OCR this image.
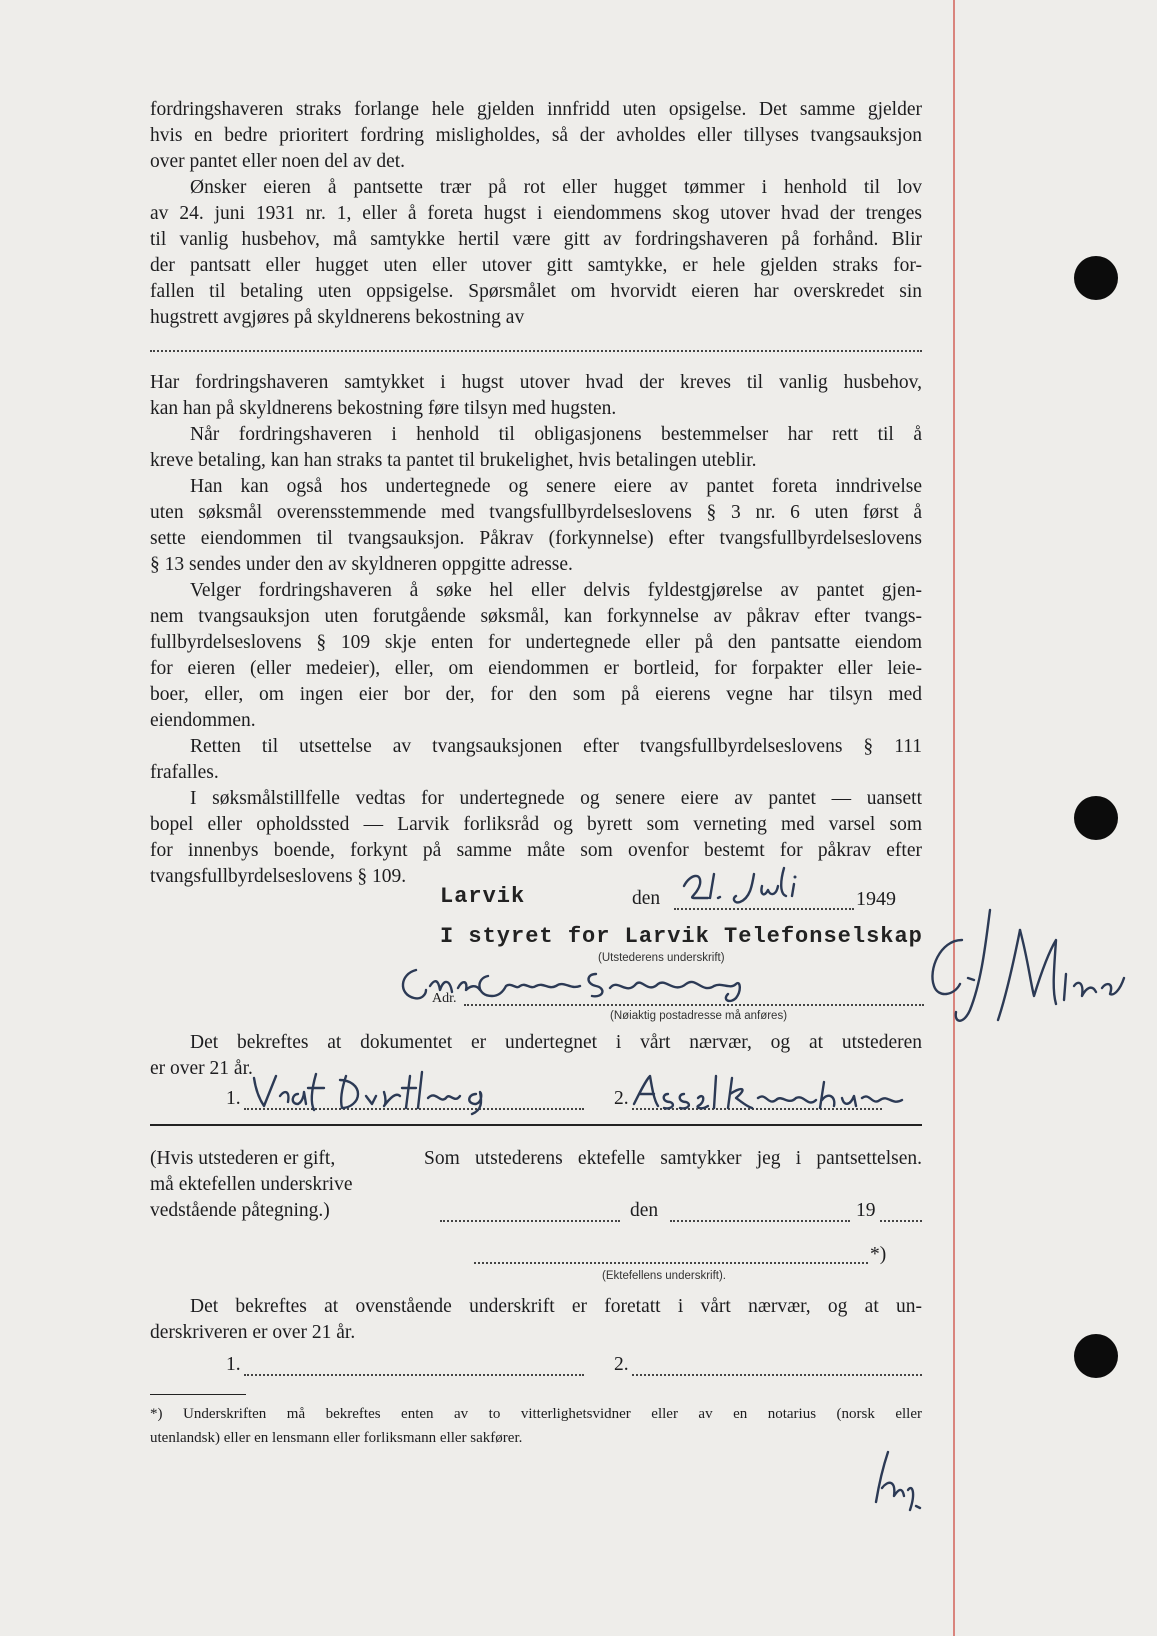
fordringshaveren straks forlange hele gjelden innfridd uten opsigelse. Det samme gjelder
hvis en bedre prioritert fordring misligholdes, så der avholdes eller tillyses tvangsauksjon
over pantet eller noen del av det.
Ønsker eieren å pantsette trær på rot eller hugget tømmer i henhold til lov
av 24. juni 1931 nr. 1, eller å foreta hugst i eiendommens skog utover hvad der trenges
til vanlig husbehov, må samtykke hertil være gitt av fordringshaveren på forhånd. Blir
der pantsatt eller hugget uten eller utover gitt samtykke, er hele gjelden straks for-
fallen til betaling uten oppsigelse. Spørsmålet om hvorvidt eieren har overskredet sin
hugstrett avgjøres på skyldnerens bekostning av
Har fordringshaveren samtykket i hugst utover hvad der kreves til vanlig husbehov,
kan han på skyldnerens bekostning føre tilsyn med hugsten.
Når fordringshaveren i henhold til obligasjonens bestemmelser har rett til å
kreve betaling, kan han straks ta pantet til brukelighet, hvis betalingen uteblir.
Han kan også hos undertegnede og senere eiere av pantet foreta inndrivelse
uten søksmål overensstemmende med tvangsfullbyrdelseslovens § 3 nr. 6 uten først å
sette eiendommen til tvangsauksjon. Påkrav (forkynnelse) efter tvangsfullbyrdelseslovens
§ 13 sendes under den av skyldneren oppgitte adresse.
Velger fordringshaveren å søke hel eller delvis fyldestgjørelse av pantet gjen-
nem tvangsauksjon uten forutgående søksmål, kan forkynnelse av påkrav efter tvangs-
fullbyrdelseslovens § 109 skje enten for undertegnede eller på den pantsatte eiendom
for eieren (eller medeier), eller, om eiendommen er bortleid, for forpakter eller leie-
boer, eller, om ingen eier bor der, for den som på eierens vegne har tilsyn med
eiendommen.
Retten til utsettelse av tvangsauksjonen efter tvangsfullbyrdelseslovens § 111
frafalles.
I søksmålstillfelle vedtas for undertegnede og senere eiere av pantet — uansett
bopel eller opholdssted — Larvik forliksråd og byrett som verneting med varsel som
for innenbys boende, forkynt på samme måte som ovenfor bestemt for påkrav efter
tvangsfullbyrdelseslovens § 109.
Larvik	den	1949
I styret for Larvik Telefonselskap
(Utstederens underskrift)
Adr.
(Nøiaktig postadresse må anføres)
Det bekreftes at dokumentet er undertegnet i vårt nærvær, og at utstederen
er over 21 år.
1.	2.
(Hvis utstederen er gift,
må ektefellen underskrive
vedstående påtegning.)
Som utstederens ektefelle samtykker jeg i pantsettelsen.
den	19
*)
(Ektefellens underskrift).
Det bekreftes at ovenstående underskrift er foretatt i vårt nærvær, og at un-
derskriveren er over 21 år.
1.	2.
*) Underskriften må bekreftes enten av to vitterlighetsvidner eller av en notarius (norsk eller
utenlandsk) eller en lensmann eller forliksmann eller sakfører.
